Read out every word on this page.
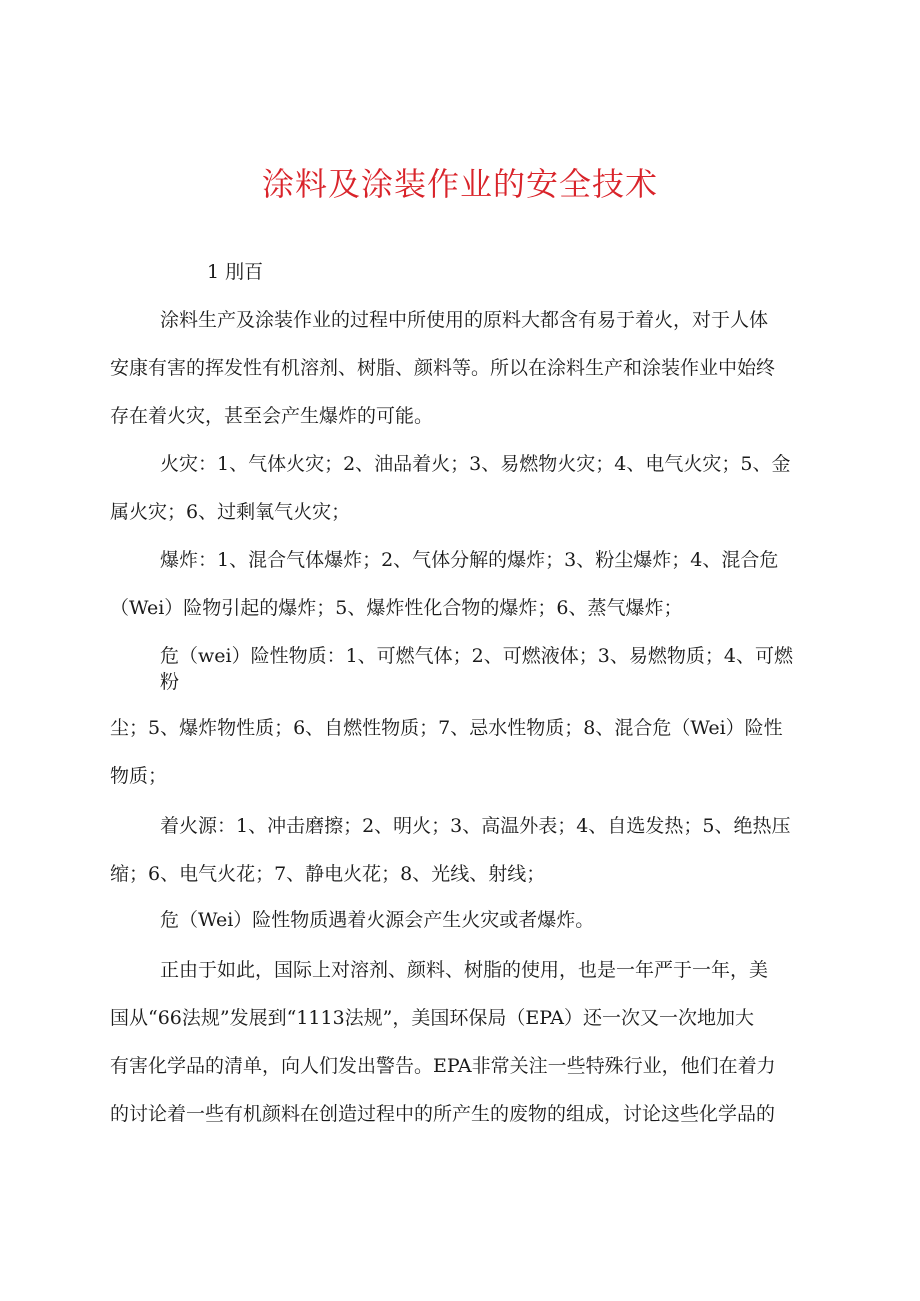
涂料及涂装作业的安全技术
1 刖百
涂料生产及涂装作业的过程中所使用的原料大都含有易于着火，对于人体
安康有害的挥发性有机溶剂、树脂、颜料等。所以在涂料生产和涂装作业中始终
存在着火灾，甚至会产生爆炸的可能。
火灾：1、气体火灾；2、油品着火；3、易燃物火灾；4、电气火灾；5、金
属火灾；6、过剩氧气火灾；
爆炸：1、混合气体爆炸；2、气体分解的爆炸；3、粉尘爆炸；4、混合危
（Wei）险物引起的爆炸；5、爆炸性化合物的爆炸；6、蒸气爆炸；
危（wei）险性物质：1、可燃气体；2、可燃液体；3、易燃物质；4、可燃
粉
尘；5、爆炸物性质；6、自燃性物质；7、忌水性物质；8、混合危（Wei）险性
物质；
着火源：1、冲击磨擦；2、明火；3、高温外表；4、自选发热；5、绝热压
缩；6、电气火花；7、静电火花；8、光线、射线；
危（Wei）险性物质遇着火源会产生火灾或者爆炸。
正由于如此，国际上对溶剂、颜料、树脂的使用，也是一年严于一年，美
国从“66法规”发展到“1113法规”，美国环保局（EPA）还一次又一次地加大
有害化学品的清单，向人们发出警告。EPA非常关注一些特殊行业，他们在着力
的讨论着一些有机颜料在创造过程中的所产生的废物的组成，讨论这些化学品的
